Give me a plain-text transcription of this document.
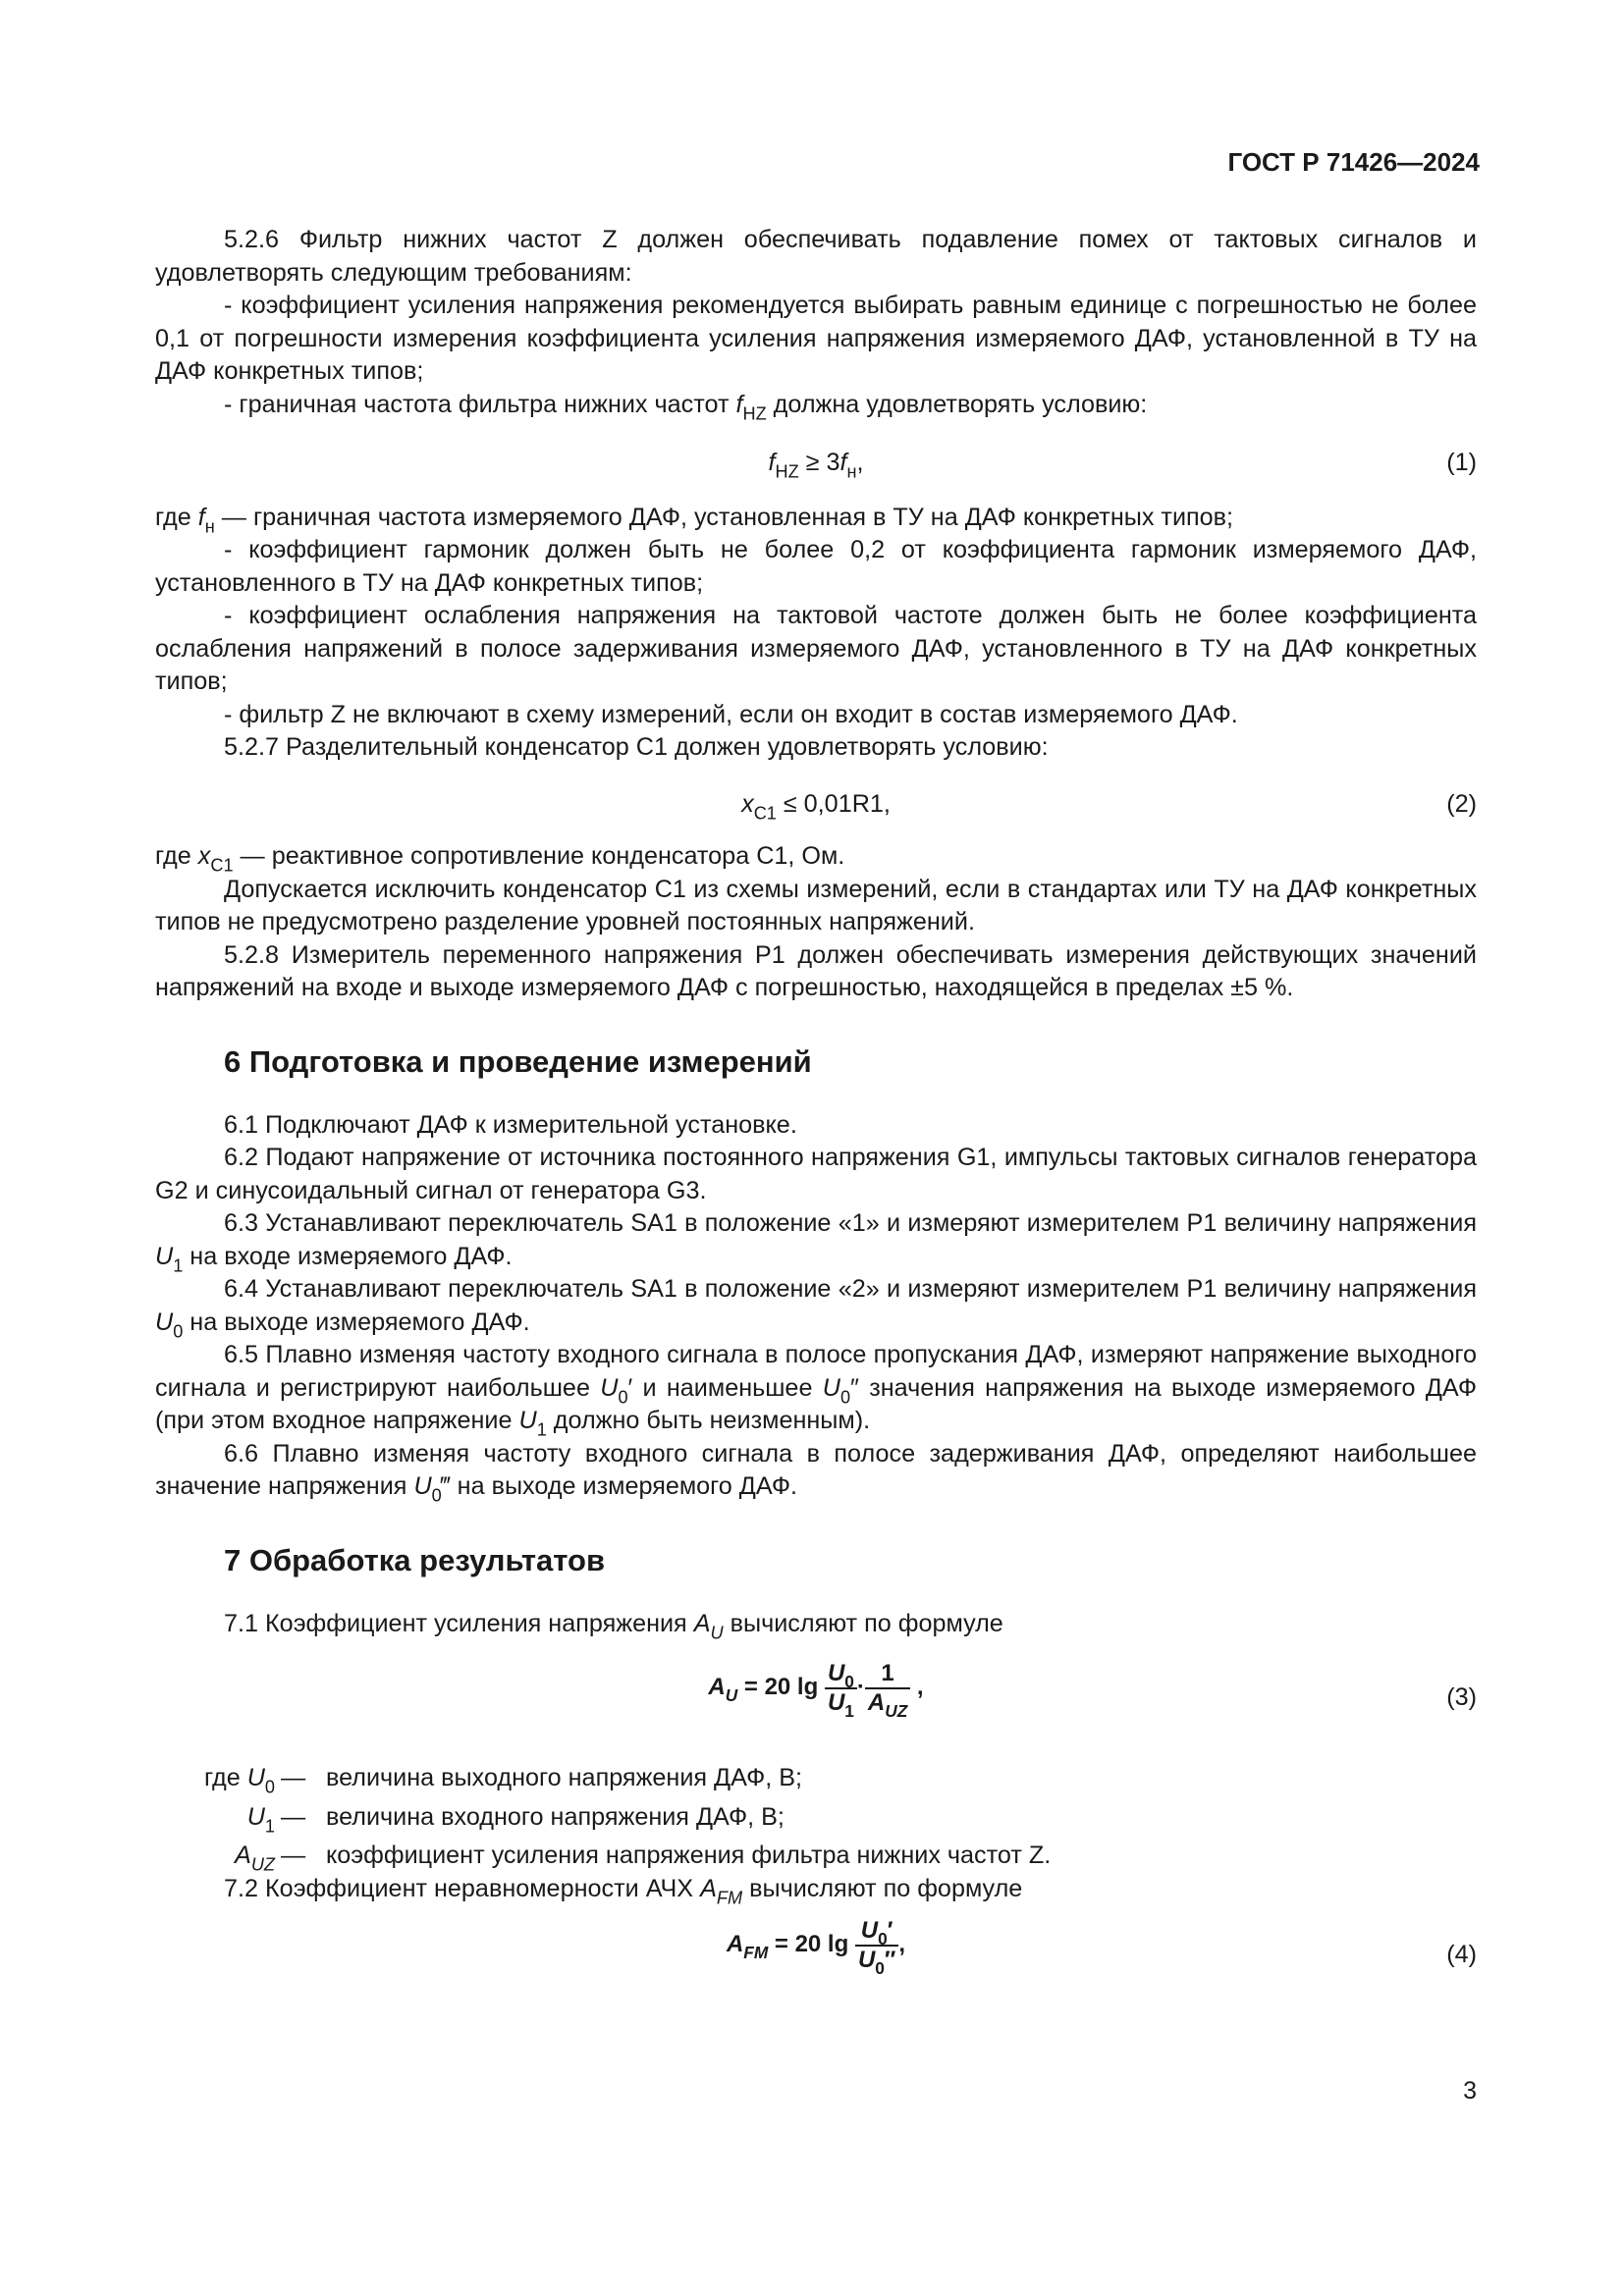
ГОСТ Р 71426—2024

5.2.6 Фильтр нижних частот Z должен обеспечивать подавление помех от тактовых сигналов и удовлетворять следующим требованиям:

- коэффициент усиления напряжения рекомендуется выбирать равным единице с погрешностью не более 0,1 от погрешности измерения коэффициента усиления напряжения измеряемого ДАФ, установленной в ТУ на ДАФ конкретных типов;

- граничная частота фильтра нижних частот $f_{НZ}$ должна удовлетворять условию:

$f_{НZ} \ge 3f_н$,	(1)

где $f_н$ — граничная частота измеряемого ДАФ, установленная в ТУ на ДАФ конкретных типов;

- коэффициент гармоник должен быть не более 0,2 от коэффициента гармоник измеряемого ДАФ, установленного в ТУ на ДАФ конкретных типов;

- коэффициент ослабления напряжения на тактовой частоте должен быть не более коэффициента ослабления напряжений в полосе задерживания измеряемого ДАФ, установленного в ТУ на ДАФ конкретных типов;

- фильтр Z не включают в схему измерений, если он входит в состав измеряемого ДАФ.

5.2.7 Разделительный конденсатор C1 должен удовлетворять условию:

$x_{C1} \le 0,01R1$,	(2)

где $x_{C1}$ — реактивное сопротивление конденсатора C1, Ом.

Допускается исключить конденсатор C1 из схемы измерений, если в стандартах или ТУ на ДАФ конкретных типов не предусмотрено разделение уровней постоянных напряжений.

5.2.8 Измеритель переменного напряжения P1 должен обеспечивать измерения действующих значений напряжений на входе и выходе измеряемого ДАФ с погрешностью, находящейся в пределах ±5 %.

6 Подготовка и проведение измерений

6.1 Подключают ДАФ к измерительной установке.

6.2 Подают напряжение от источника постоянного напряжения G1, импульсы тактовых сигналов генератора G2 и синусоидальный сигнал от генератора G3.

6.3 Устанавливают переключатель SA1 в положение «1» и измеряют измерителем P1 величину напряжения $U_1$ на входе измеряемого ДАФ.

6.4 Устанавливают переключатель SA1 в положение «2» и измеряют измерителем P1 величину напряжения $U_0$ на выходе измеряемого ДАФ.

6.5 Плавно изменяя частоту входного сигнала в полосе пропускания ДАФ, измеряют напряжение выходного сигнала и регистрируют наибольшее $U_0'$ и наименьшее $U_0''$ значения напряжения на выходе измеряемого ДАФ (при этом входное напряжение $U_1$ должно быть неизменным).

6.6 Плавно изменяя частоту входного сигнала в полосе задерживания ДАФ, определяют наибольшее значение напряжения $U_0‴$ на выходе измеряемого ДАФ.

7 Обработка результатов

7.1 Коэффициент усиления напряжения $A_U$ вычисляют по формуле

$A_U = 20$ $\lg \frac{U_0}{U_1} \cdot \frac{1}{A_{UZ}}$ ,	(3)
где $U_0$ — величина выходного напряжения ДАФ, В;
$U_1$ — величина входного напряжения ДАФ, В;
$A_{UZ}$ — коэффициент усиления напряжения фильтра нижних частот Z.

7.2 Коэффициент неравномерности АЧХ $A_{FM}$ вычисляют по формуле

$A_{FM} = 20$ $\lg \frac{U_0'}{U_0''}$ ,	(4)
3
